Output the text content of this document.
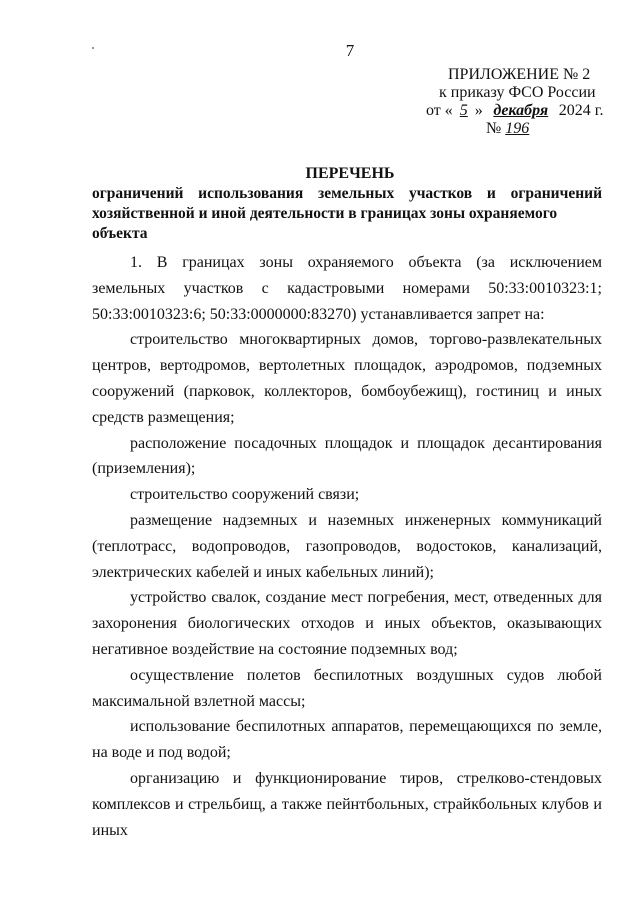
7
ПРИЛОЖЕНИЕ № 2
к приказу ФСО России
от « 5 » декабря 2024 г.
№ 196
ПЕРЕЧЕНЬ
ограничений использования земельных участков и ограничений
хозяйственной и иной деятельности в границах зоны охраняемого объекта

1. В границах зоны охраняемого объекта (за исключением земельных участков с кадастровыми номерами 50:33:0010323:1; 50:33:0010323:6; 50:33:0000000:83270) устанавливается запрет на:

строительство многоквартирных домов, торгово-развлекательных центров, вертодромов, вертолетных площадок, аэродромов, подземных сооружений (парковок, коллекторов, бомбоубежищ), гостиниц и иных средств размещения;

расположение посадочных площадок и площадок десантирования (приземления);

строительство сооружений связи;

размещение надземных и наземных инженерных коммуникаций (теплотрасс, водопроводов, газопроводов, водостоков, канализаций, электрических кабелей и иных кабельных линий);

устройство свалок, создание мест погребения, мест, отведенных для захоронения биологических отходов и иных объектов, оказывающих негативное воздействие на состояние подземных вод;

осуществление полетов беспилотных воздушных судов любой максимальной взлетной массы;

использование беспилотных аппаратов, перемещающихся по земле, на воде и под водой;

организацию и функционирование тиров, стрелково-стендовых комплексов и стрельбищ, а также пейнтбольных, страйкбольных клубов и иных
